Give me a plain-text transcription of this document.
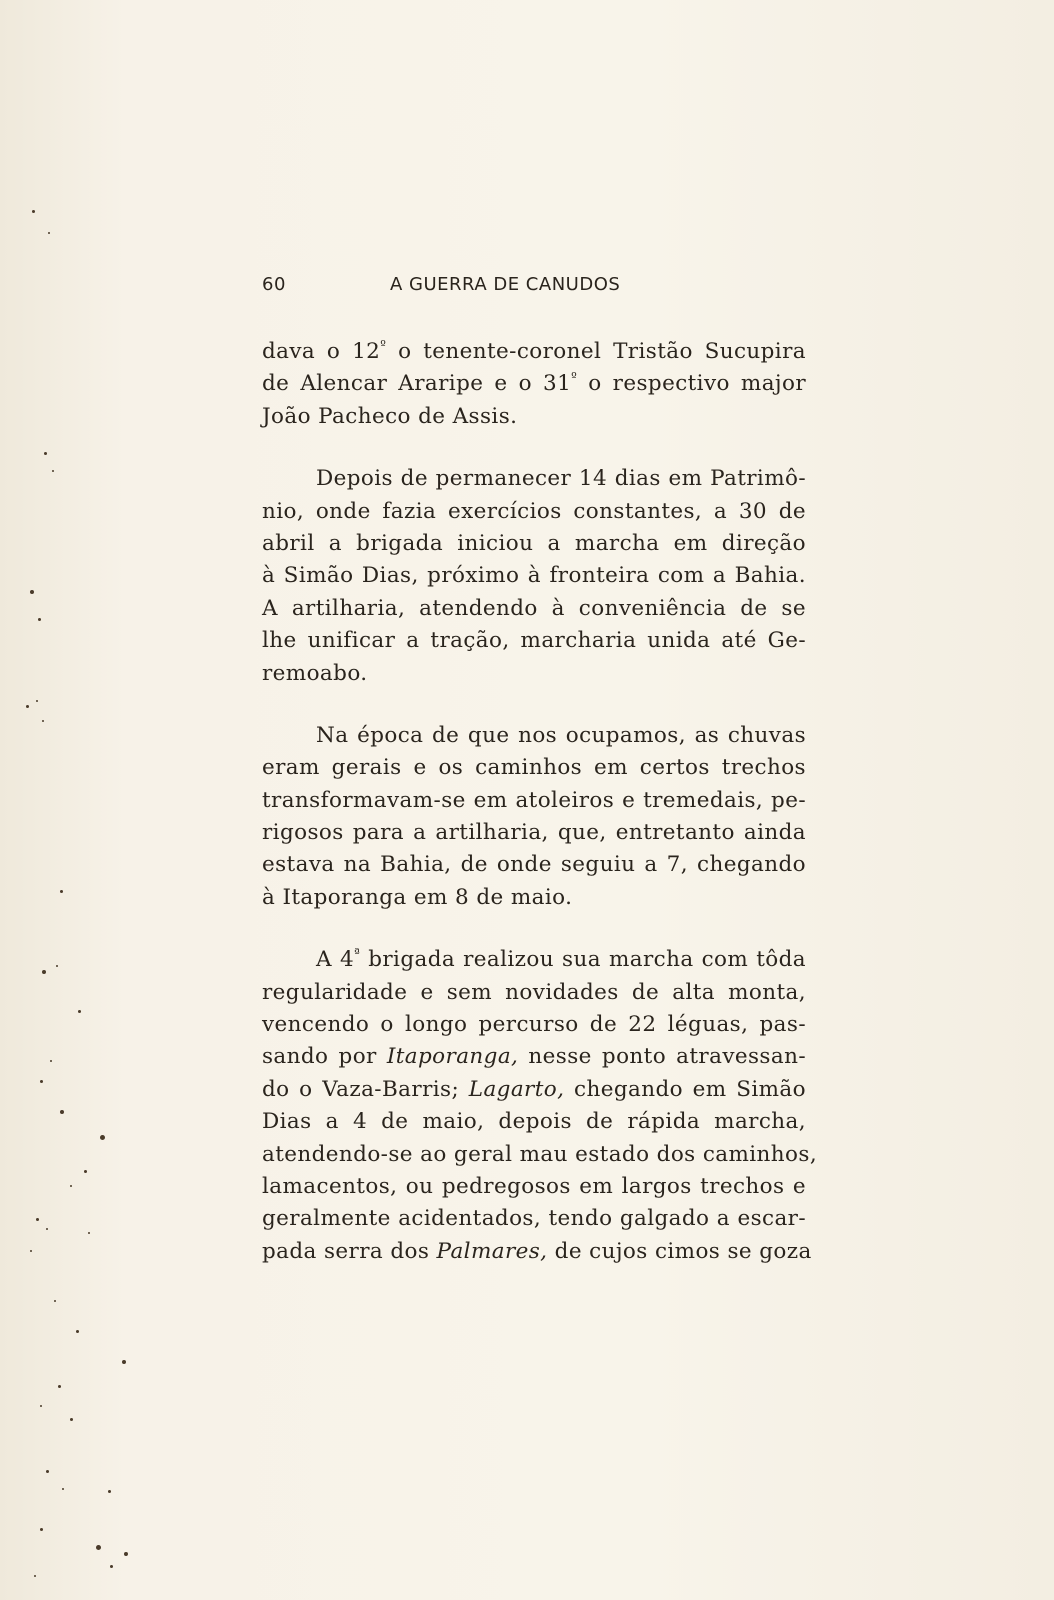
60	A GUERRA DE CANUDOS
dava o $12^º$ o tenente-coronel Tristão Sucupira
de Alencar Araripe e o $31^º$ o respectivo major
João Pacheco de Assis.
Depois de permanecer 14 dias em Patrimô-
nio, onde fazia exercícios constantes, a 30 de
abril a brigada iniciou a marcha em direção
à Simão Dias, próximo à fronteira com a Bahia.
A artilharia, atendendo à conveniência de se
lhe unificar a tração, marcharia unida até Ge-
remoabo.
Na época de que nos ocupamos, as chuvas
eram gerais e os caminhos em certos trechos
transformavam-se em atoleiros e tremedais, pe-
rigosos para a artilharia, que, entretanto ainda
estava na Bahia, de onde seguiu a 7, chegando
à Itaporanga em 8 de maio.
A $4^ª$ brigada realizou sua marcha com tôda
regularidade e sem novidades de alta monta,
vencendo o longo percurso de 22 léguas, pas-
sando por Itaporanga, nesse ponto atravessan-
do o Vaza-Barris; Lagarto, chegando em Simão
Dias a 4 de maio, depois de rápida marcha,
atendendo-se ao geral mau estado dos caminhos,
lamacentos, ou pedregosos em largos trechos e
geralmente acidentados, tendo galgado a escar-
pada serra dos Palmares, de cujos cimos se goza
